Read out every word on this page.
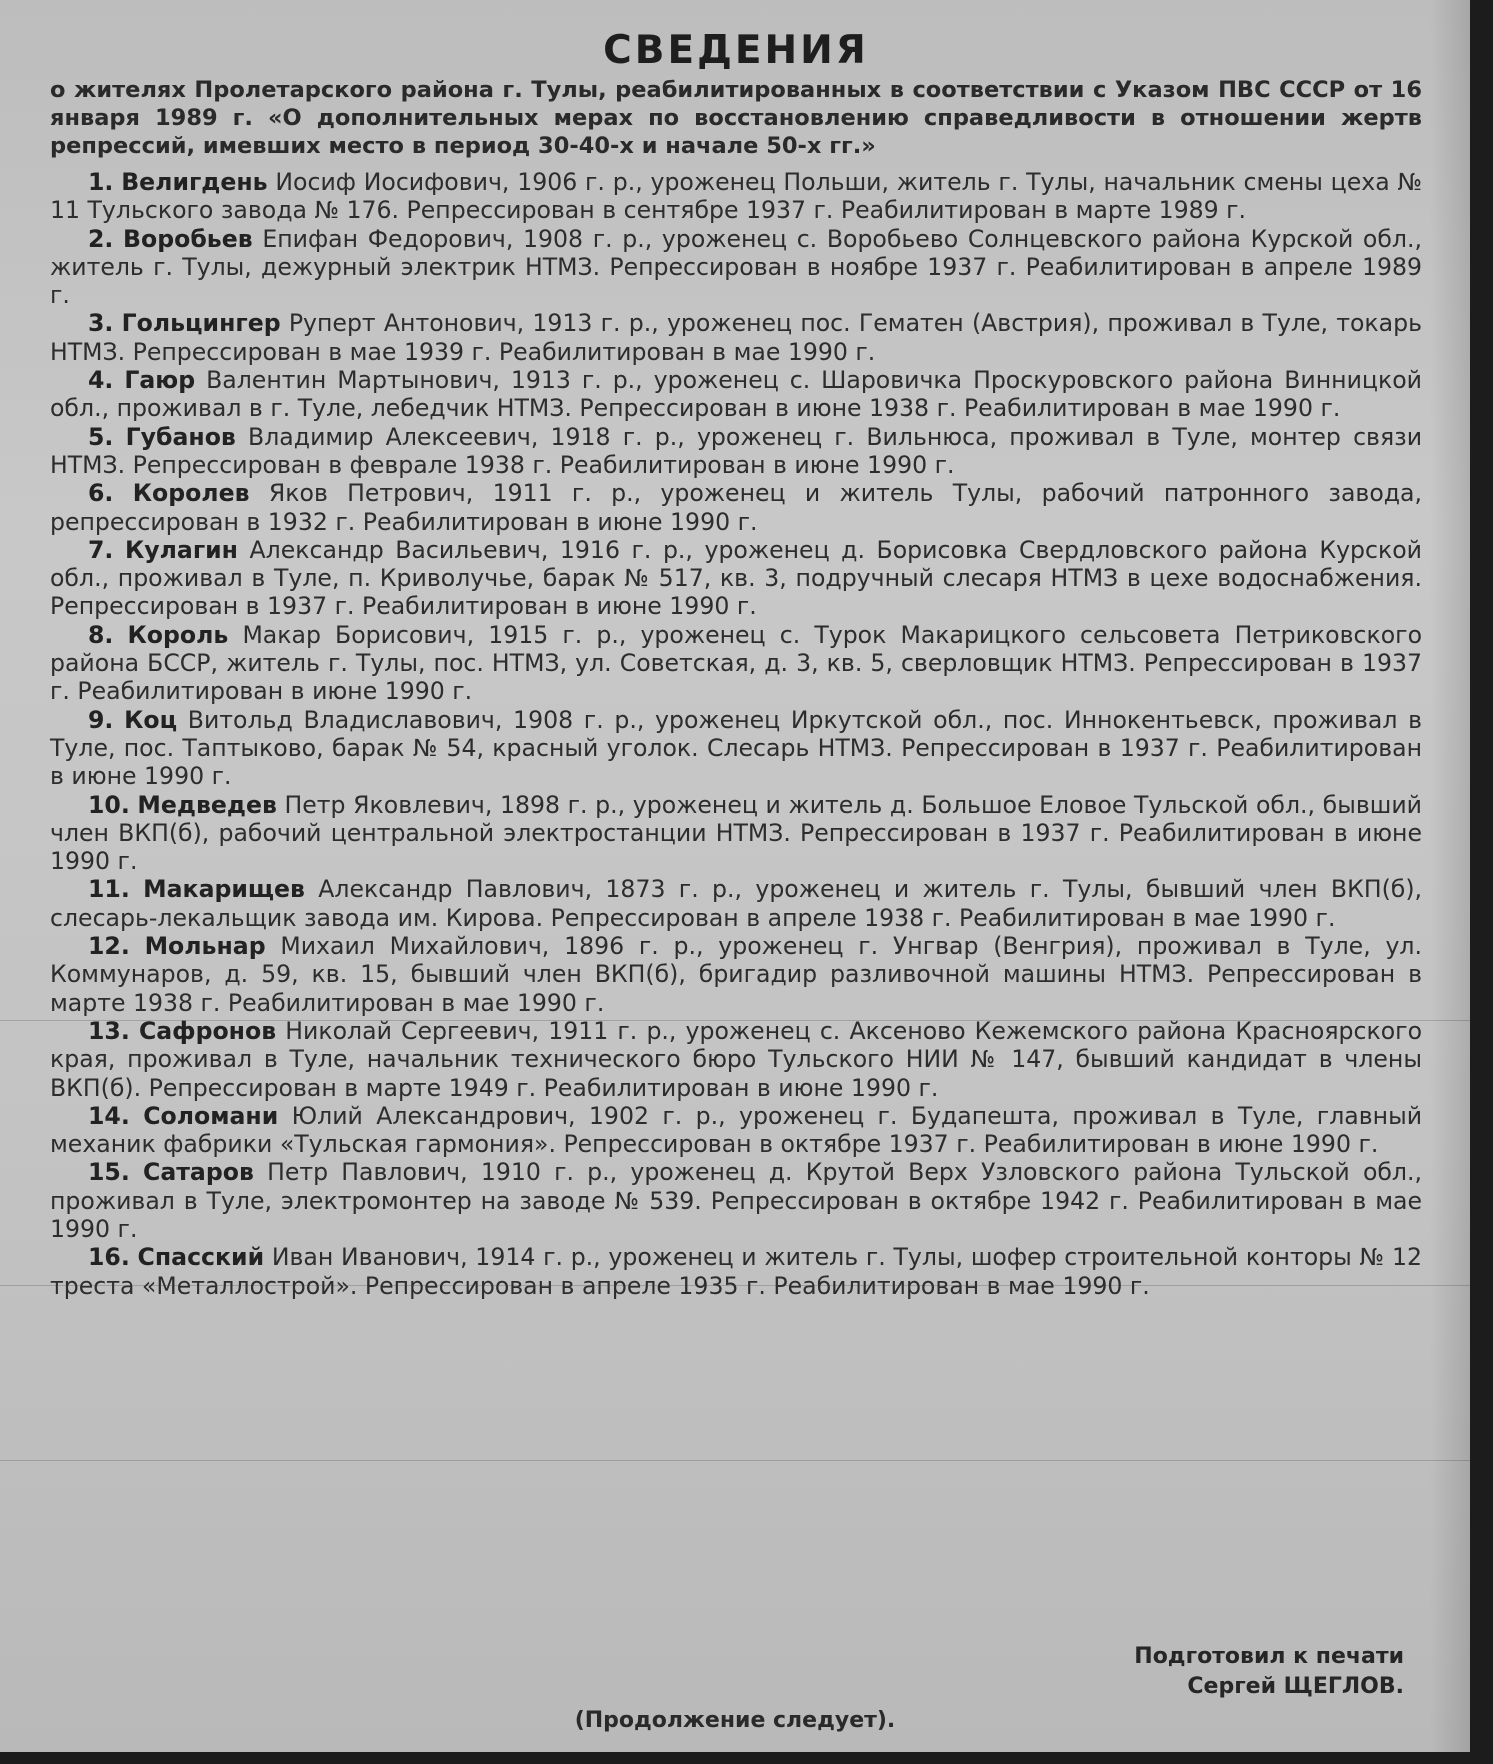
СВЕДЕНИЯ

о жителях Пролетарского района г. Тулы, реабилитированных в соответствии с Указом ПВС СССР от 16 января 1989 г. «О дополнительных мерах по восстановлению справедливости в отношении жертв репрессий, имевших место в период 30-40-х и начале 50-х гг.»

1. Велигдень Иосиф Иосифович, 1906 г. р., уроженец Польши, житель г. Тулы, начальник смены цеха № 11 Тульского завода № 176. Репрессирован в сентябре 1937 г. Реабилитирован в марте 1989 г.

2. Воробьев Епифан Федорович, 1908 г. р., уроженец с. Воробьево Солнцевского района Курской обл., житель г. Тулы, дежурный электрик НТМЗ. Репрессирован в ноябре 1937 г. Реабилитирован в апреле 1989 г.

3. Гольцингер Руперт Антонович, 1913 г. р., уроженец пос. Гематен (Австрия), проживал в Туле, токарь НТМЗ. Репрессирован в мае 1939 г. Реабилитирован в мае 1990 г.

4. Гаюр Валентин Мартынович, 1913 г. р., уроженец с. Шаровичка Проскуровского района Винницкой обл., проживал в г. Туле, лебедчик НТМЗ. Репрессирован в июне 1938 г. Реабилитирован в мае 1990 г.

5. Губанов Владимир Алексеевич, 1918 г. р., уроженец г. Вильнюса, проживал в Туле, монтер связи НТМЗ. Репрессирован в феврале 1938 г. Реабилитирован в июне 1990 г.

6. Королев Яков Петрович, 1911 г. р., уроженец и житель Тулы, рабочий патронного завода, репрессирован в 1932 г. Реабилитирован в июне 1990 г.

7. Кулагин Александр Васильевич, 1916 г. р., уроженец д. Борисовка Свердловского района Курской обл., проживал в Туле, п. Криволучье, барак № 517, кв. 3, подручный слесаря НТМЗ в цехе водоснабжения. Репрессирован в 1937 г. Реабилитирован в июне 1990 г.

8. Король Макар Борисович, 1915 г. р., уроженец с. Турок Макарицкого сельсовета Петриковского района БССР, житель г. Тулы, пос. НТМЗ, ул. Советская, д. 3, кв. 5, сверловщик НТМЗ. Репрессирован в 1937 г. Реабилитирован в июне 1990 г.

9. Коц Витольд Владиславович, 1908 г. р., уроженец Иркутской обл., пос. Иннокентьевск, проживал в Туле, пос. Таптыково, барак № 54, красный уголок. Слесарь НТМЗ. Репрессирован в 1937 г. Реабилитирован в июне 1990 г.

10. Медведев Петр Яковлевич, 1898 г. р., уроженец и житель д. Большое Еловое Тульской обл., бывший член ВКП(б), рабочий центральной электростанции НТМЗ. Репрессирован в 1937 г. Реабилитирован в июне 1990 г.

11. Макарищев Александр Павлович, 1873 г. р., уроженец и житель г. Тулы, бывший член ВКП(б), слесарь-лекальщик завода им. Кирова. Репрессирован в апреле 1938 г. Реабилитирован в мае 1990 г.

12. Мольнар Михаил Михайлович, 1896 г. р., уроженец г. Унгвар (Венгрия), проживал в Туле, ул. Коммунаров, д. 59, кв. 15, бывший член ВКП(б), бригадир разливочной машины НТМЗ. Репрессирован в марте 1938 г. Реабилитирован в мае 1990 г.

13. Сафронов Николай Сергеевич, 1911 г. р., уроженец с. Аксеново Кежемского района Красноярского края, проживал в Туле, начальник технического бюро Тульского НИИ № 147, бывший кандидат в члены ВКП(б). Репрессирован в марте 1949 г. Реабилитирован в июне 1990 г.

14. Соломани Юлий Александрович, 1902 г. р., уроженец г. Будапешта, проживал в Туле, главный механик фабрики «Тульская гармония». Репрессирован в октябре 1937 г. Реабилитирован в июне 1990 г.

15. Сатаров Петр Павлович, 1910 г. р., уроженец д. Крутой Верх Узловского района Тульской обл., проживал в Туле, электромонтер на заводе № 539. Репрессирован в октябре 1942 г. Реабилитирован в мае 1990 г.

16. Спасский Иван Иванович, 1914 г. р., уроженец и житель г. Тулы, шофер строительной конторы № 12 треста «Металлострой». Репрессирован в апреле 1935 г. Реабилитирован в мае 1990 г.

Подготовил к печати
Сергей ЩЕГЛОВ.
(Продолжение следует).
